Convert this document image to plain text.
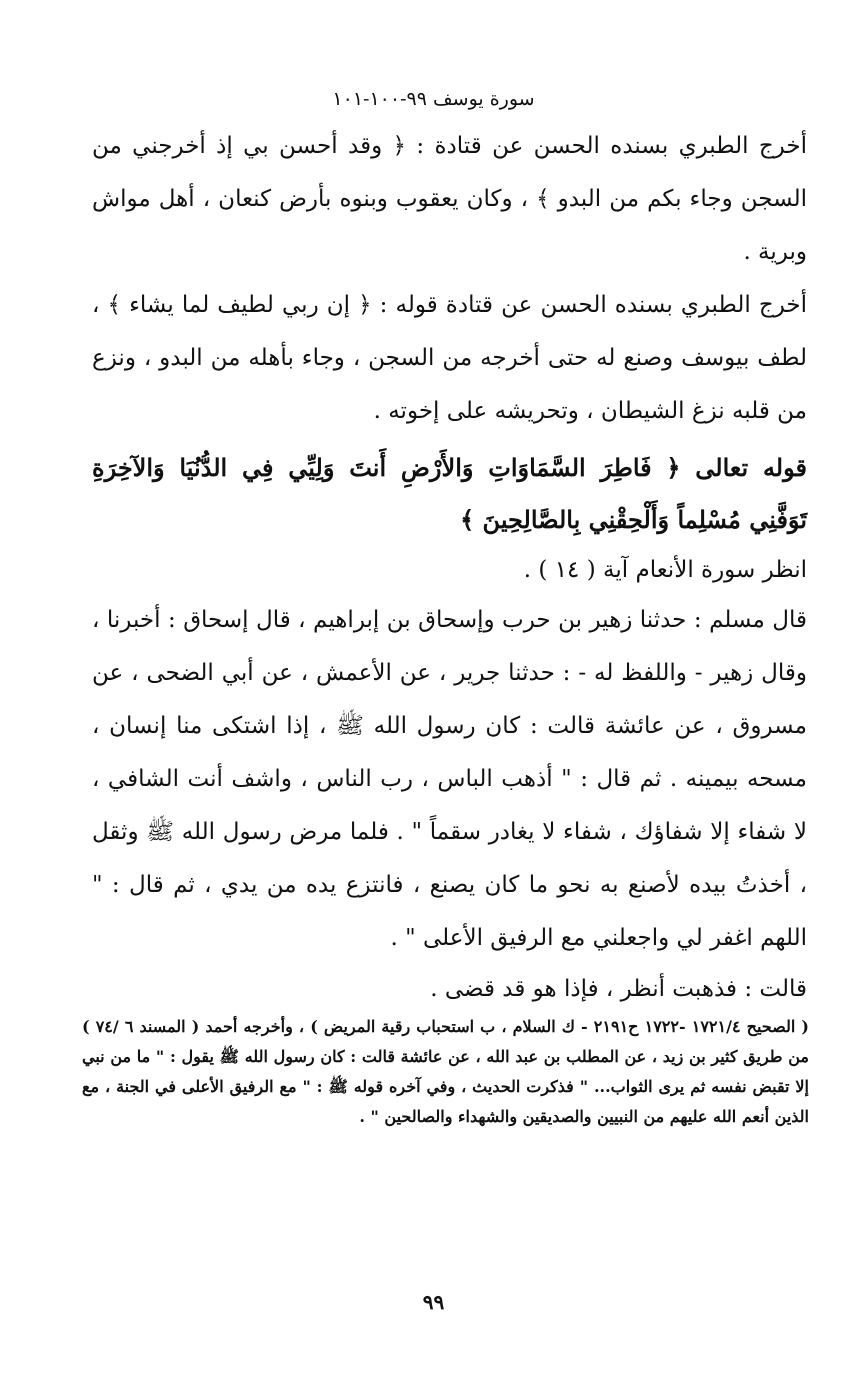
سورة يوسف ٩٩-١٠٠-١٠١

أخرج الطبري بسنده الحسن عن قتادة : ﴿ وقد أحسن بي إذ أخرجني من السجن وجاء بكم من البدو ﴾ ، وكان يعقوب وبنوه بأرض كنعان ، أهل مواش وبرية .

أخرج الطبري بسنده الحسن عن قتادة قوله : ﴿ إن ربي لطيف لما يشاء ﴾ ، لطف بيوسف وصنع له حتى أخرجه من السجن ، وجاء بأهله من البدو ، ونزع من قلبه نزغ الشيطان ، وتحريشه على إخوته .

قوله تعالى ﴿ فَاطِرَ السَّمَاوَاتِ وَالأَرْضِ أَنتَ وَلِيِّي فِي الدُّنُيَا وَالآخِرَةِ تَوَفَّنِي مُسْلِماً وَأَلْحِقْنِي بِالصَّالِحِينَ ﴾

انظر سورة الأنعام آية ( ١٤ ) .

قال مسلم : حدثنا زهير بن حرب وإسحاق بن إبراهيم ، قال إسحاق : أخبرنا ، وقال زهير - واللفظ له - : حدثنا جرير ، عن الأعمش ، عن أبي الضحى ، عن مسروق ، عن عائشة قالت : كان رسول الله ﷺ ، إذا اشتكى منا إنسان ، مسحه بيمينه . ثم قال : " أذهب الباس ، رب الناس ، واشف أنت الشافي ، لا شفاء إلا شفاؤك ، شفاء لا يغادر سقماً " . فلما مرض رسول الله ﷺ وثقل ، أخذتُ بيده لأصنع به نحو ما كان يصنع ، فانتزع يده من يدي ، ثم قال : " اللهم اغفر لي واجعلني مع الرفيق الأعلى " .

قالت : فذهبت أنظر ، فإذا هو قد قضى .

( الصحيح ١٧٢١/٤ -١٧٢٢ ح٢١٩١ - ك السلام ، ب استحباب رقية المريض ) ، وأخرجه أحمد ( المسند ٦ /٧٤ ) من طريق كثير بن زيد ، عن المطلب بن عبد الله ، عن عائشة قالت : كان رسول الله ﷺ يقول : " ما من نبي إلا تقبض نفسه ثم يرى الثواب... " فذكرت الحديث ، وفي آخره قوله ﷺ : " مع الرفيق الأعلى في الجنة ، مع الذين أنعم الله عليهم من النبيين والصديقين والشهداء والصالحين " .

٩٩
